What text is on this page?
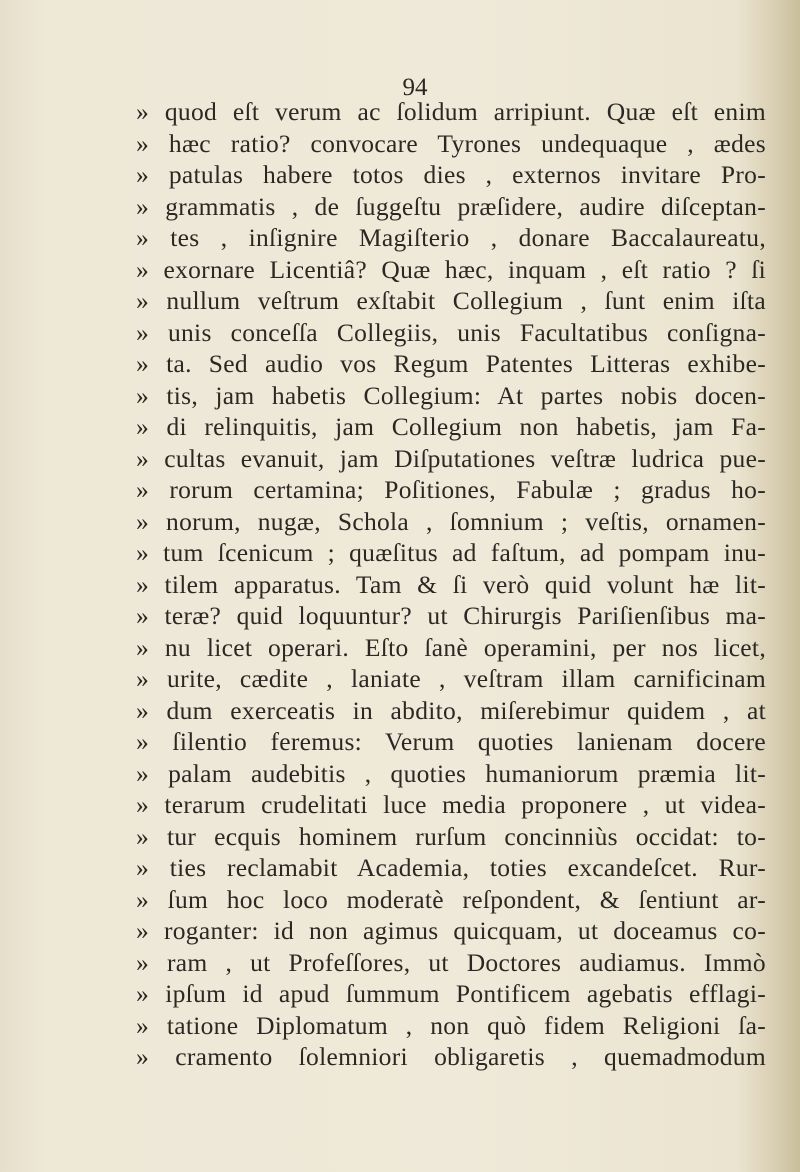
94
» quod eſt verum ac ſolidum arripiunt. Quæ eſt enim
» hæc ratio? convocare Tyrones undequaque , ædes
» patulas habere totos dies , externos invitare Pro-
» grammatis , de ſuggeſtu præſidere, audire diſceptan-
» tes , inſignire Magiſterio , donare Baccalaureatu,
» exornare Licentiâ? Quæ hæc, inquam , eſt ratio ? ſi
» nullum veſtrum exſtabit Collegium , ſunt enim iſta
» unis conceſſa Collegiis, unis Facultatibus conſigna-
» ta. Sed audio vos Regum Patentes Litteras exhibe-
» tis, jam habetis Collegium: At partes nobis docen-
» di relinquitis, jam Collegium non habetis, jam Fa-
» cultas evanuit, jam Diſputationes veſtræ ludrica pue-
» rorum certamina; Poſitiones, Fabulæ ; gradus ho-
» norum, nugæ, Schola , ſomnium ; veſtis, ornamen-
» tum ſcenicum ; quæſitus ad faſtum, ad pompam inu-
» tilem apparatus. Tam & ſi verò quid volunt hæ lit-
» teræ? quid loquuntur? ut Chirurgis Pariſienſibus ma-
» nu licet operari. Eſto ſanè operamini, per nos licet,
» urite, cædite , laniate , veſtram illam carnificinam
» dum exerceatis in abdito, miſerebimur quidem , at
» ſilentio feremus: Verum quoties lanienam docere
» palam audebitis , quoties humaniorum præmia lit-
» terarum crudelitati luce media proponere , ut videa-
» tur ecquis hominem rurſum concinniùs occidat: to-
» ties reclamabit Academia, toties excandeſcet. Rur-
» ſum hoc loco moderatè reſpondent, & ſentiunt ar-
» roganter: id non agimus quicquam, ut doceamus co-
» ram , ut Profeſſores, ut Doctores audiamus. Immò
» ipſum id apud ſummum Pontificem agebatis efflagi-
» tatione Diplomatum , non quò fidem Religioni ſa-
» cramento ſolemniori obligaretis , quemadmodum
